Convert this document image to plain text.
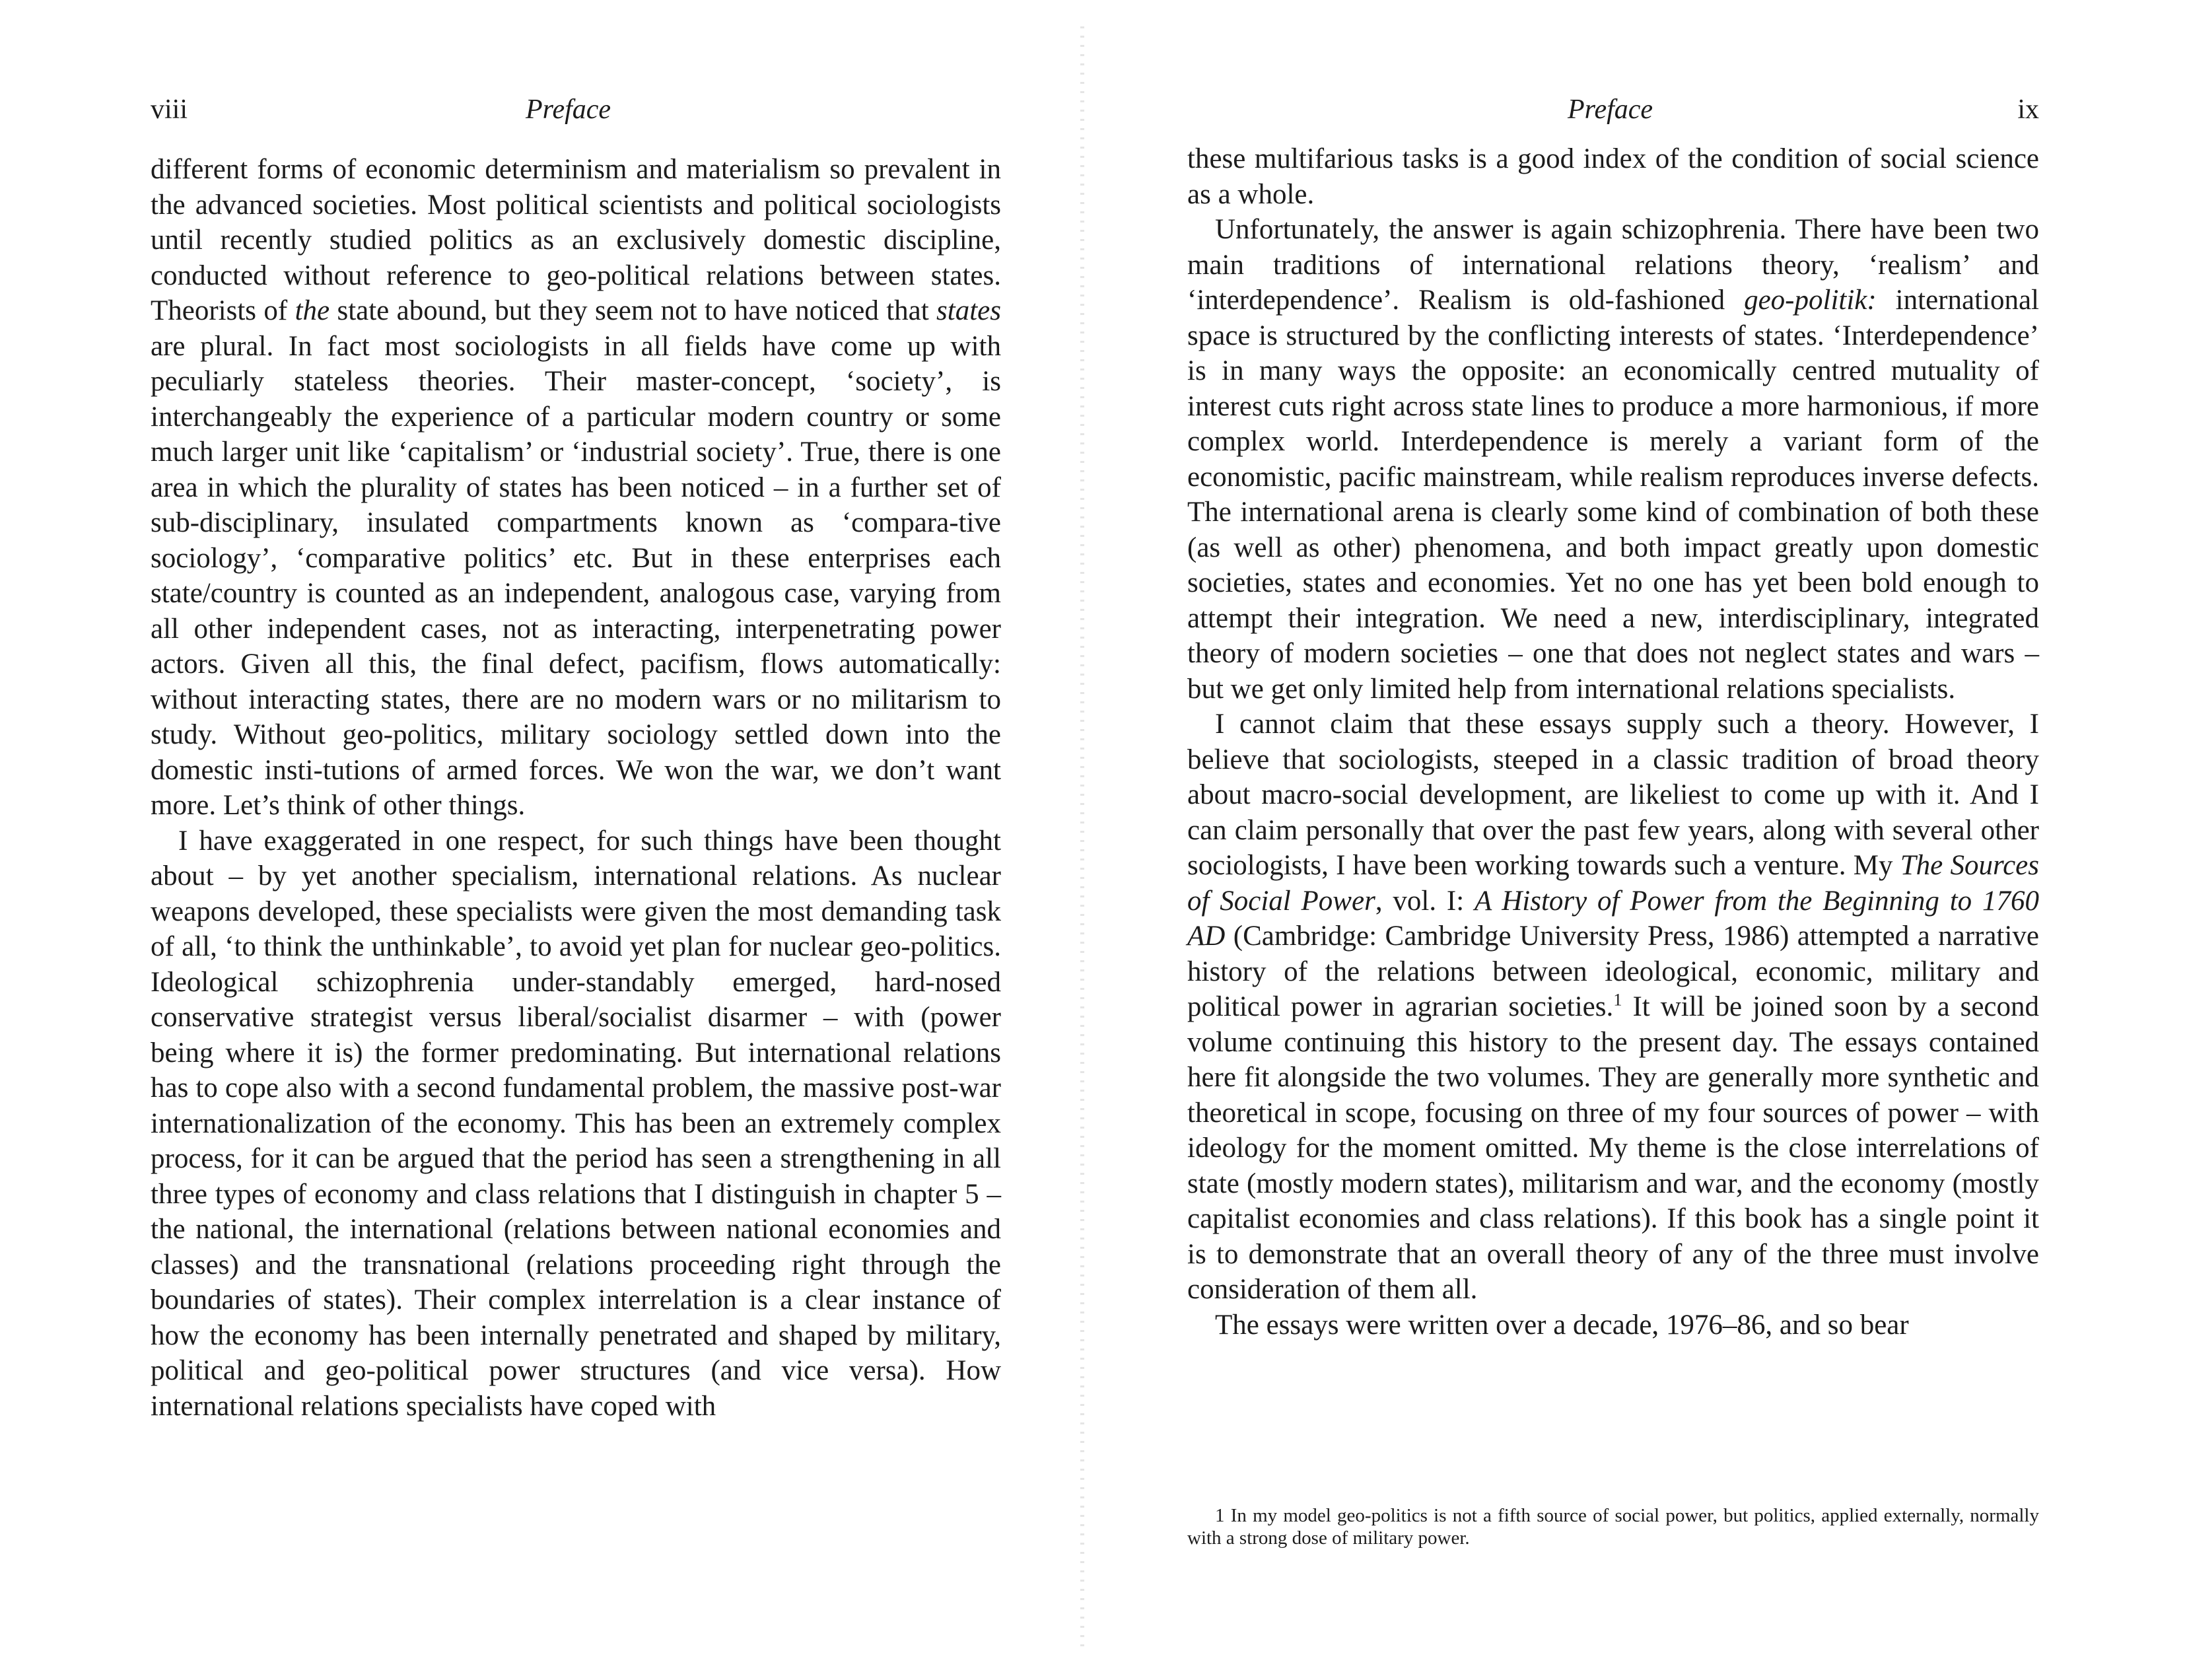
viii	Preface

different forms of economic determinism and materialism so prevalent in the advanced societies. Most political scientists and political sociologists until recently studied politics as an exclusively domestic discipline, conducted without reference to geo-political relations between states. Theorists of the state abound, but they seem not to have noticed that states are plural. In fact most sociologists in all fields have come up with peculiarly stateless theories. Their master-concept, ‘society’, is interchangeably the experience of a particular modern country or some much larger unit like ‘capitalism’ or ‘industrial society’. True, there is one area in which the plurality of states has been noticed – in a further set of sub-disciplinary, insulated compartments known as ‘compara-tive sociology’, ‘comparative politics’ etc. But in these enterprises each state/country is counted as an independent, analogous case, varying from all other independent cases, not as interacting, interpenetrating power actors. Given all this, the final defect, pacifism, flows automatically: without interacting states, there are no modern wars or no militarism to study. Without geo-politics, military sociology settled down into the domestic insti-tutions of armed forces. We won the war, we don’t want more. Let’s think of other things.

I have exaggerated in one respect, for such things have been thought about – by yet another specialism, international relations. As nuclear weapons developed, these specialists were given the most demanding task of all, ‘to think the unthinkable’, to avoid yet plan for nuclear geo-politics. Ideological schizophrenia under-standably emerged, hard-nosed conservative strategist versus liberal/socialist disarmer – with (power being where it is) the former predominating. But international relations has to cope also with a second fundamental problem, the massive post-war internationalization of the economy. This has been an extremely complex process, for it can be argued that the period has seen a strengthening in all three types of economy and class relations that I distinguish in chapter 5 – the national, the international (relations between national economies and classes) and the transnational (relations proceeding right through the boundaries of states). Their complex interrelation is a clear instance of how the economy has been internally penetrated and shaped by military, political and geo-political power structures (and vice versa). How international relations specialists have coped with

Preface	ix

these multifarious tasks is a good index of the condition of social science as a whole.

Unfortunately, the answer is again schizophrenia. There have been two main traditions of international relations theory, ‘realism’ and ‘interdependence’. Realism is old-fashioned geo-politik: international space is structured by the conflicting interests of states. ‘Interdependence’ is in many ways the opposite: an economically centred mutuality of interest cuts right across state lines to produce a more harmonious, if more complex world. Interdependence is merely a variant form of the economistic, pacific mainstream, while realism reproduces inverse defects. The international arena is clearly some kind of combination of both these (as well as other) phenomena, and both impact greatly upon domestic societies, states and economies. Yet no one has yet been bold enough to attempt their integration. We need a new, interdisciplinary, integrated theory of modern societies – one that does not neglect states and wars – but we get only limited help from international relations specialists.

I cannot claim that these essays supply such a theory. However, I believe that sociologists, steeped in a classic tradition of broad theory about macro-social development, are likeliest to come up with it. And I can claim personally that over the past few years, along with several other sociologists, I have been working towards such a venture. My The Sources of Social Power, vol. I: A History of Power from the Beginning to 1760 AD (Cambridge: Cambridge University Press, 1986) attempted a narrative history of the relations between ideological, economic, military and political power in agrarian societies.$^1$ It will be joined soon by a second volume continuing this history to the present day. The essays contained here fit alongside the two volumes. They are generally more synthetic and theoretical in scope, focusing on three of my four sources of power – with ideology for the moment omitted. My theme is the close interrelations of state (mostly modern states), militarism and war, and the economy (mostly capitalist economies and class relations). If this book has a single point it is to demonstrate that an overall theory of any of the three must involve consideration of them all.

The essays were written over a decade, 1976–86, and so bear

1 In my model geo-politics is not a fifth source of social power, but politics, applied externally, normally with a strong dose of military power.
